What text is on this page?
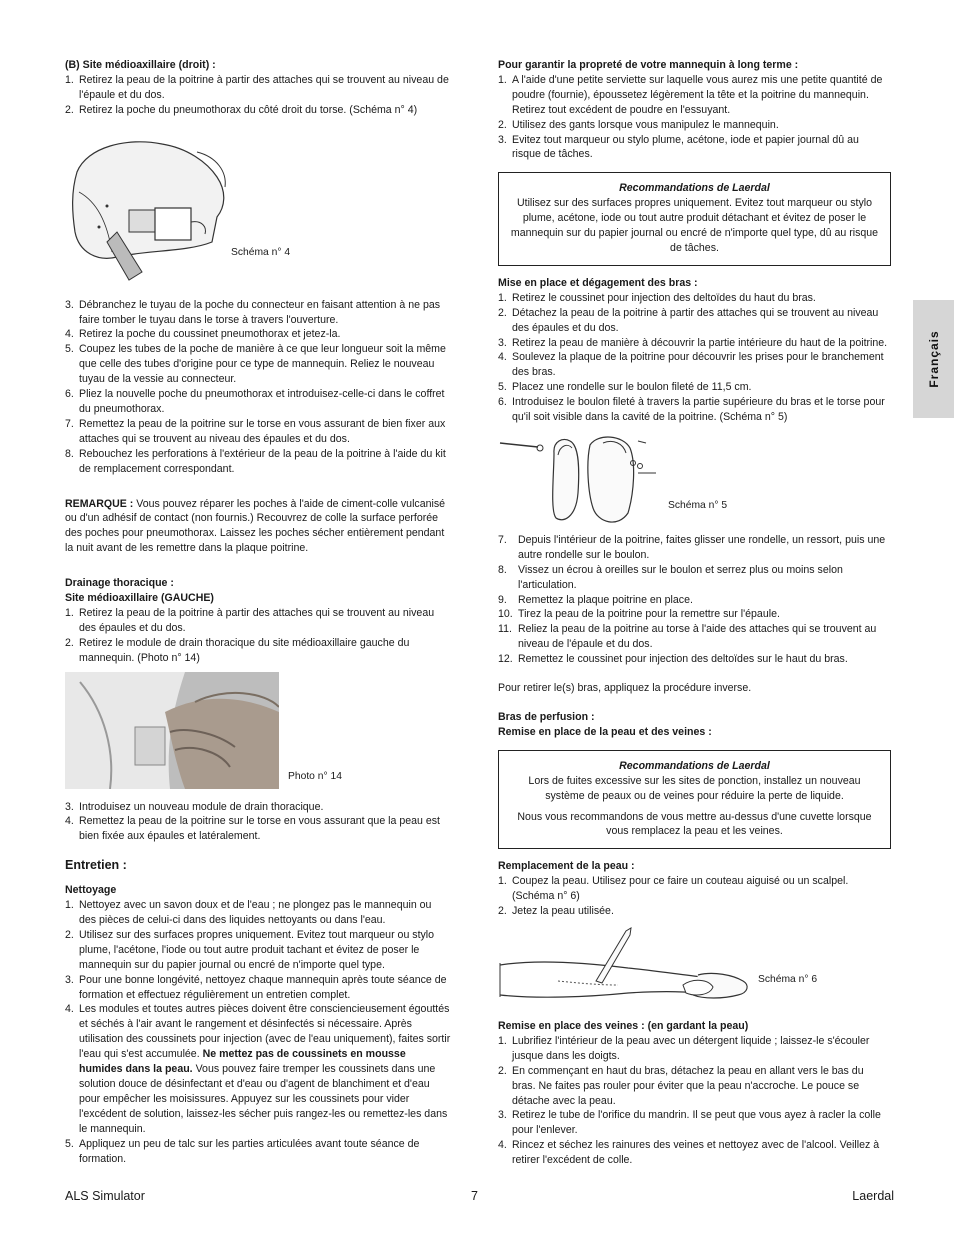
(B) Site médioaxillaire (droit) :

1. Retirez la peau de la poitrine à partir des attaches qui se trouvent au niveau de l'épaule et du dos.
2. Retirez la poche du pneumothorax du côté droit du torse. (Schéma n° 4)
Schéma n° 4
3. Débranchez le tuyau de la poche du connecteur en faisant attention à ne pas faire tomber le tuyau dans le torse à travers l'ouverture.
4. Retirez la poche du coussinet pneumothorax et jetez-la.
5. Coupez les tubes de la poche de manière à ce que leur longueur soit la même que celle des tubes d'origine pour ce type de mannequin. Reliez le nouveau tuyau de la vessie au connecteur.
6. Pliez la nouvelle poche du pneumothorax et introduisez-celle-ci dans le coffret du pneumothorax.
7. Remettez la peau de la poitrine sur le torse en vous assurant de bien fixer aux attaches qui se trouvent au niveau des épaules et du dos.
8. Rebouchez les perforations à l'extérieur de la peau de la poitrine à l'aide du kit de remplacement correspondant.

REMARQUE : Vous pouvez réparer les poches à l'aide de ciment-colle vulcanisé ou d'un adhésif de contact (non fournis.) Recouvrez de colle la surface perforée des poches pour pneumothorax. Laissez les poches sécher entièrement pendant la nuit avant de les remettre dans la plaque poitrine.

Drainage thoracique :

Site médioaxillaire (GAUCHE)

1. Retirez la peau de la poitrine à partir des attaches qui se trouvent au niveau des épaules et du dos.
2. Retirez le module de drain thoracique du site médioaxillaire gauche du mannequin. (Photo n° 14)
Photo n° 14
3. Introduisez un nouveau module de drain thoracique.
4. Remettez la peau de la poitrine sur le torse en vous assurant que la peau est bien fixée aux épaules et latéralement.

Entretien :

Nettoyage

1. Nettoyez avec un savon doux et de l'eau ; ne plongez pas le mannequin ou des pièces de celui-ci dans des liquides nettoyants ou dans l'eau.
2. Utilisez sur des surfaces propres uniquement. Evitez tout marqueur ou stylo plume, l'acétone, l'iode ou tout autre produit tachant et évitez de poser le mannequin sur du papier journal ou encré de n'importe quel type.
3. Pour une bonne longévité, nettoyez chaque mannequin après toute séance de formation et effectuez régulièrement un entretien complet.
4. Les modules et toutes autres pièces doivent être consciencieusement égouttés et séchés à l'air avant le rangement et désinfectés si nécessaire. Après utilisation des coussinets pour injection (avec de l'eau uniquement), faites sortir l'eau qui s'est accumulée. Ne mettez pas de coussinets en mousse humides dans la peau. Vous pouvez faire tremper les coussinets dans une solution douce de désinfectant et d'eau ou d'agent de blanchiment et d'eau pour empêcher les moisissures. Appuyez sur les coussinets pour vider l'excédent de solution, laissez-les sécher puis rangez-les ou remettez-les dans le mannequin.
5. Appliquez un peu de talc sur les parties articulées avant toute séance de formation.

Pour garantir la propreté de votre mannequin à long terme :

1. A l'aide d'une petite serviette sur laquelle vous aurez mis une petite quantité de poudre (fournie), époussetez légèrement la tête et la poitrine du mannequin. Retirez tout excédent de poudre en l'essuyant.
2. Utilisez des gants lorsque vous manipulez le mannequin.
3. Evitez tout marqueur ou stylo plume, acétone, iode et papier journal dû au risque de tâches.

Recommandations de Laerdal

Utilisez sur des surfaces propres uniquement. Evitez tout marqueur ou stylo plume, acétone, iode ou tout autre produit détachant et évitez de poser le mannequin sur du papier journal ou encré de n'importe quel type, dû au risque de tâches.

Mise en place et dégagement des bras :

1. Retirez le coussinet pour injection des deltoïdes du haut du bras.
2. Détachez la peau de la poitrine à partir des attaches qui se trouvent au niveau des épaules et du dos.
3. Retirez la peau de manière à découvrir la partie intérieure du haut de la poitrine.
4. Soulevez la plaque de la poitrine pour découvrir les prises pour le branchement des bras.
5. Placez une rondelle sur le boulon fileté de 11,5 cm.
6. Introduisez le boulon fileté à travers la partie supérieure du bras et le torse pour qu'il soit visible dans la cavité de la poitrine. (Schéma n° 5)
Schéma n° 5
7. Depuis l'intérieur de la poitrine, faites glisser une rondelle, un ressort, puis une autre rondelle sur le boulon.
8. Vissez un écrou à oreilles sur le boulon et serrez plus ou moins selon l'articulation.
9. Remettez la plaque poitrine en place.
10. Tirez la peau de la poitrine pour la remettre sur l'épaule.
11. Reliez la peau de la poitrine au torse à l'aide des attaches qui se trouvent au niveau de l'épaule et du dos.
12. Remettez le coussinet pour injection des deltoïdes sur le haut du bras.

Pour retirer le(s) bras, appliquez la procédure inverse.

Bras de perfusion :

Remise en place de la peau et des veines :

Recommandations de Laerdal

Lors de fuites excessive sur les sites de ponction, installez un nouveau système de peaux ou de veines pour réduire la perte de liquide.

Nous vous recommandons de vous mettre au-dessus d'une cuvette lorsque vous remplacez la peau et les veines.

Remplacement de la peau :

1. Coupez la peau. Utilisez pour ce faire un couteau aiguisé ou un scalpel. (Schéma n° 6)
2. Jetez la peau utilisée.
Schéma n° 6

Remise en place des veines : (en gardant la peau)

1. Lubrifiez l'intérieur de la peau avec un détergent liquide ; laissez-le s'écouler jusque dans les doigts.
2. En commençant en haut du bras, détachez la peau en allant vers le bas du bras. Ne faites pas rouler pour éviter que la peau n'accroche. Le pouce se détache avec la peau.
3. Retirez le tube de l'orifice du mandrin. Il se peut que vous ayez à racler la colle pour l'enlever.
4. Rincez et séchez les rainures des veines et nettoyez avec de l'alcool. Veillez à retirer l'excédent de colle.
Français
ALS Simulator	7	Laerdal
